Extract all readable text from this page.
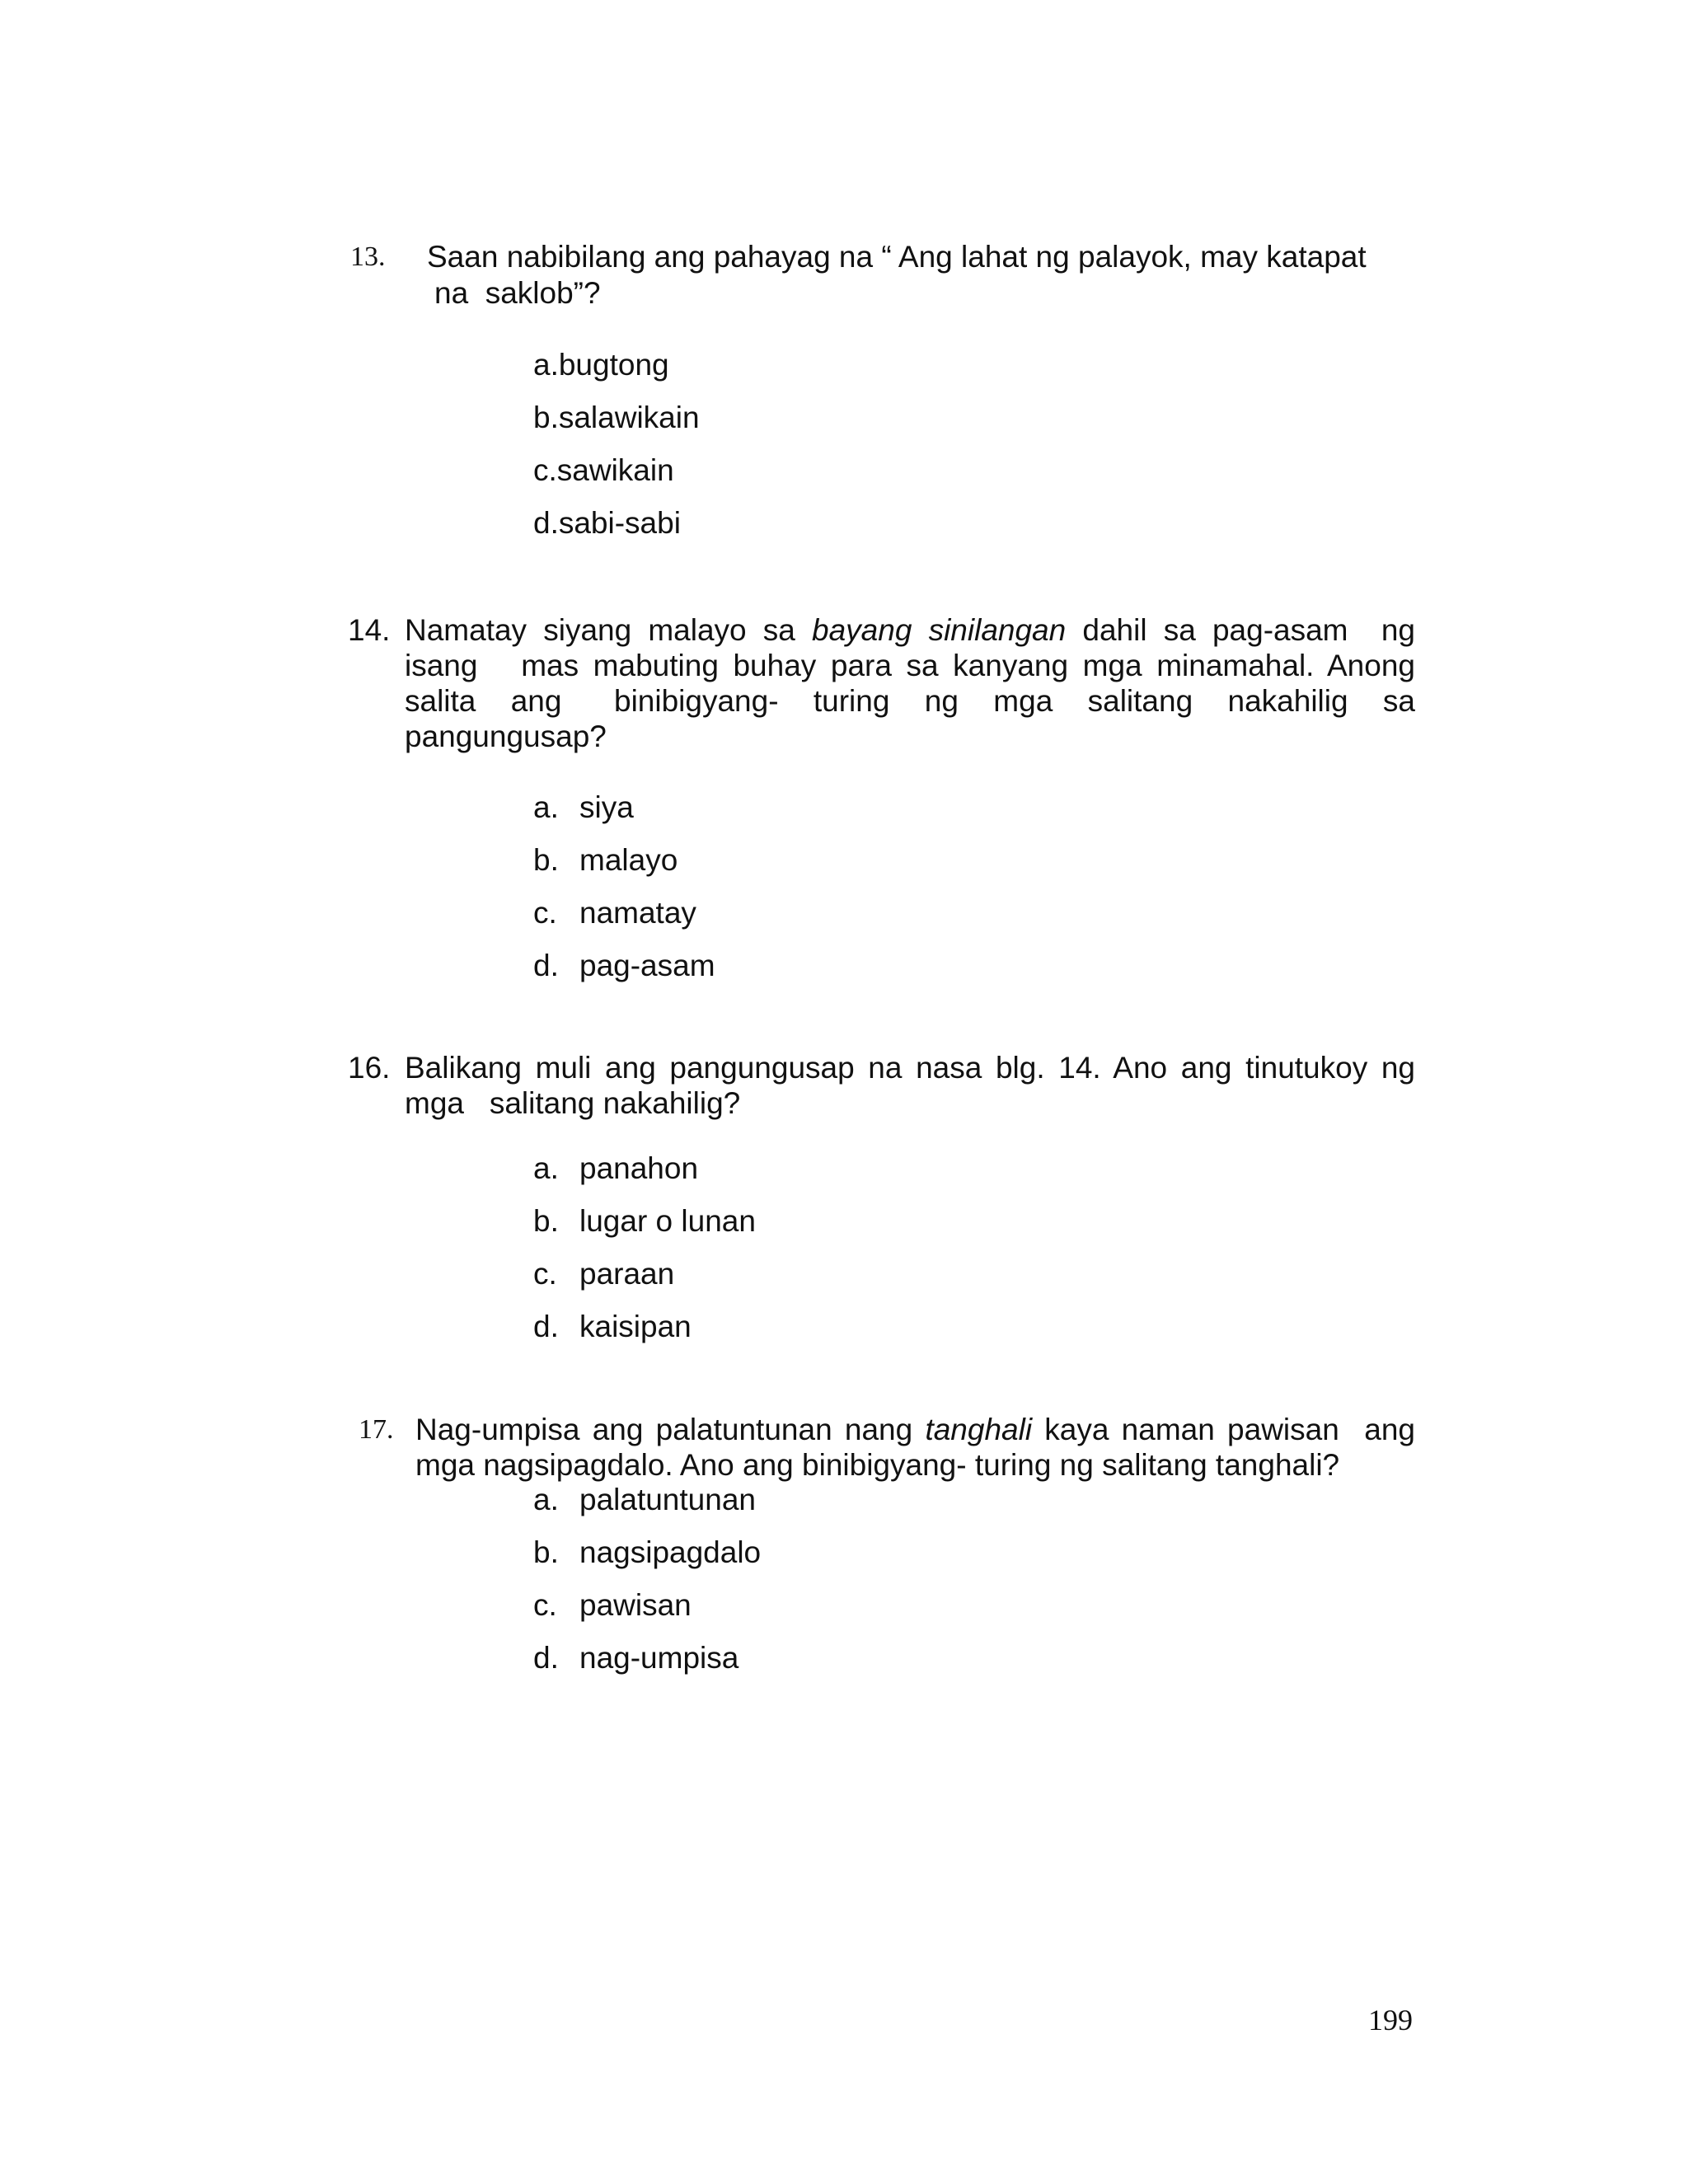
13. Saan nabibilang ang pahayag na “ Ang lahat ng palayok, may katapat
na  saklob”?
a.bugtong
b.salawikain
c.sawikain
d.sabi-sabi
14. Namatay siyang malayo sa bayang sinilangan dahil sa pag-asam  ng
isang   mas mabuting buhay para sa kanyang mga minamahal. Anong
salita  ang   binibigyang-  turing  ng  mga  salitang  nakahilig  sa
pangungusap?
a. siya
b. malayo
c. namatay
d. pag-asam
16. Balikang muli ang pangungusap na nasa blg. 14. Ano ang tinutukoy ng
mga   salitang nakahilig?
a. panahon
b. lugar o lunan
c. paraan
d. kaisipan
17. Nag-umpisa ang palatuntunan nang tanghali kaya naman pawisan  ang
mga nagsipagdalo. Ano ang binibigyang- turing ng salitang tanghali?
a. palatuntunan
b. nagsipagdalo
c. pawisan
d. nag-umpisa
199
